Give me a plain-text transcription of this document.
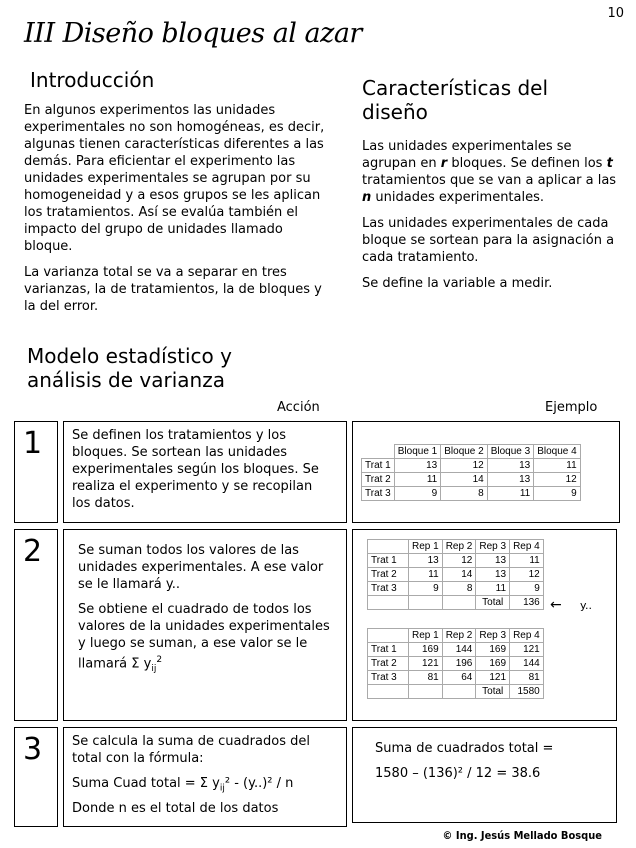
10
III Diseño bloques al azar
Introducción

En algunos experimentos las unidades experimentales no son homogéneas, es decir, algunas tienen características diferentes a las demás. Para eficientar el experimento las unidades experimentales se agrupan por su homogeneidad y a esos grupos se les aplican los tratamientos. Así se evalúa también el impacto del grupo de unidades llamado bloque.

La varianza total se va a separar en tres varianzas, la de tratamientos, la de bloques y la del error.

Características del diseño

Las unidades experimentales se agrupan en r bloques. Se definen los t tratamientos que se van a aplicar a las n unidades experimentales.

Las unidades experimentales de cada bloque se sortean para la asignación a cada tratamiento.

Se define la variable a medir.

Modelo estadístico y análisis de varianza
Acción	Ejemplo
1 Se definen los tratamientos y los bloques. Se sortean las unidades experimentales según los bloques. Se realiza el experimento y se recopilan los datos.
	Bloque 1	Bloque 2	Bloque 3	Bloque 4
Trat 1	13	12	13	11
Trat 2	11	14	13	12
Trat 3	9	8	11	9
2	Se suman todos los valores de las unidades experimentales. A ese valor se le llamará y..
Se obtiene el cuadrado de todos los valores de la unidades experimentales y luego se suman, a ese valor se le llamará Σ $y_{ij}^2$
	Rep 1	Rep 2	Rep 3	Rep 4
Trat 1	13	12	13	11
Trat 2	11	14	13	12
Trat 3	9	8	11	9
			Total	136 ← y..
	Rep 1	Rep 2	Rep 3	Rep 4
Trat 1	169	144	169	121
Trat 2	121	196	169	144
Trat 3	81	64	121	81
			Total	1580
3 Se calcula la suma de cuadrados del total con la fórmula:
Suma Cuad total = Σ $y_{ij}^2 - (y..)^2$ / n
Donde n es el total de los datos
Suma de cuadrados total =
1580 – (136)² / 12 = 38.6
© Ing. Jesús Mellado Bosque
